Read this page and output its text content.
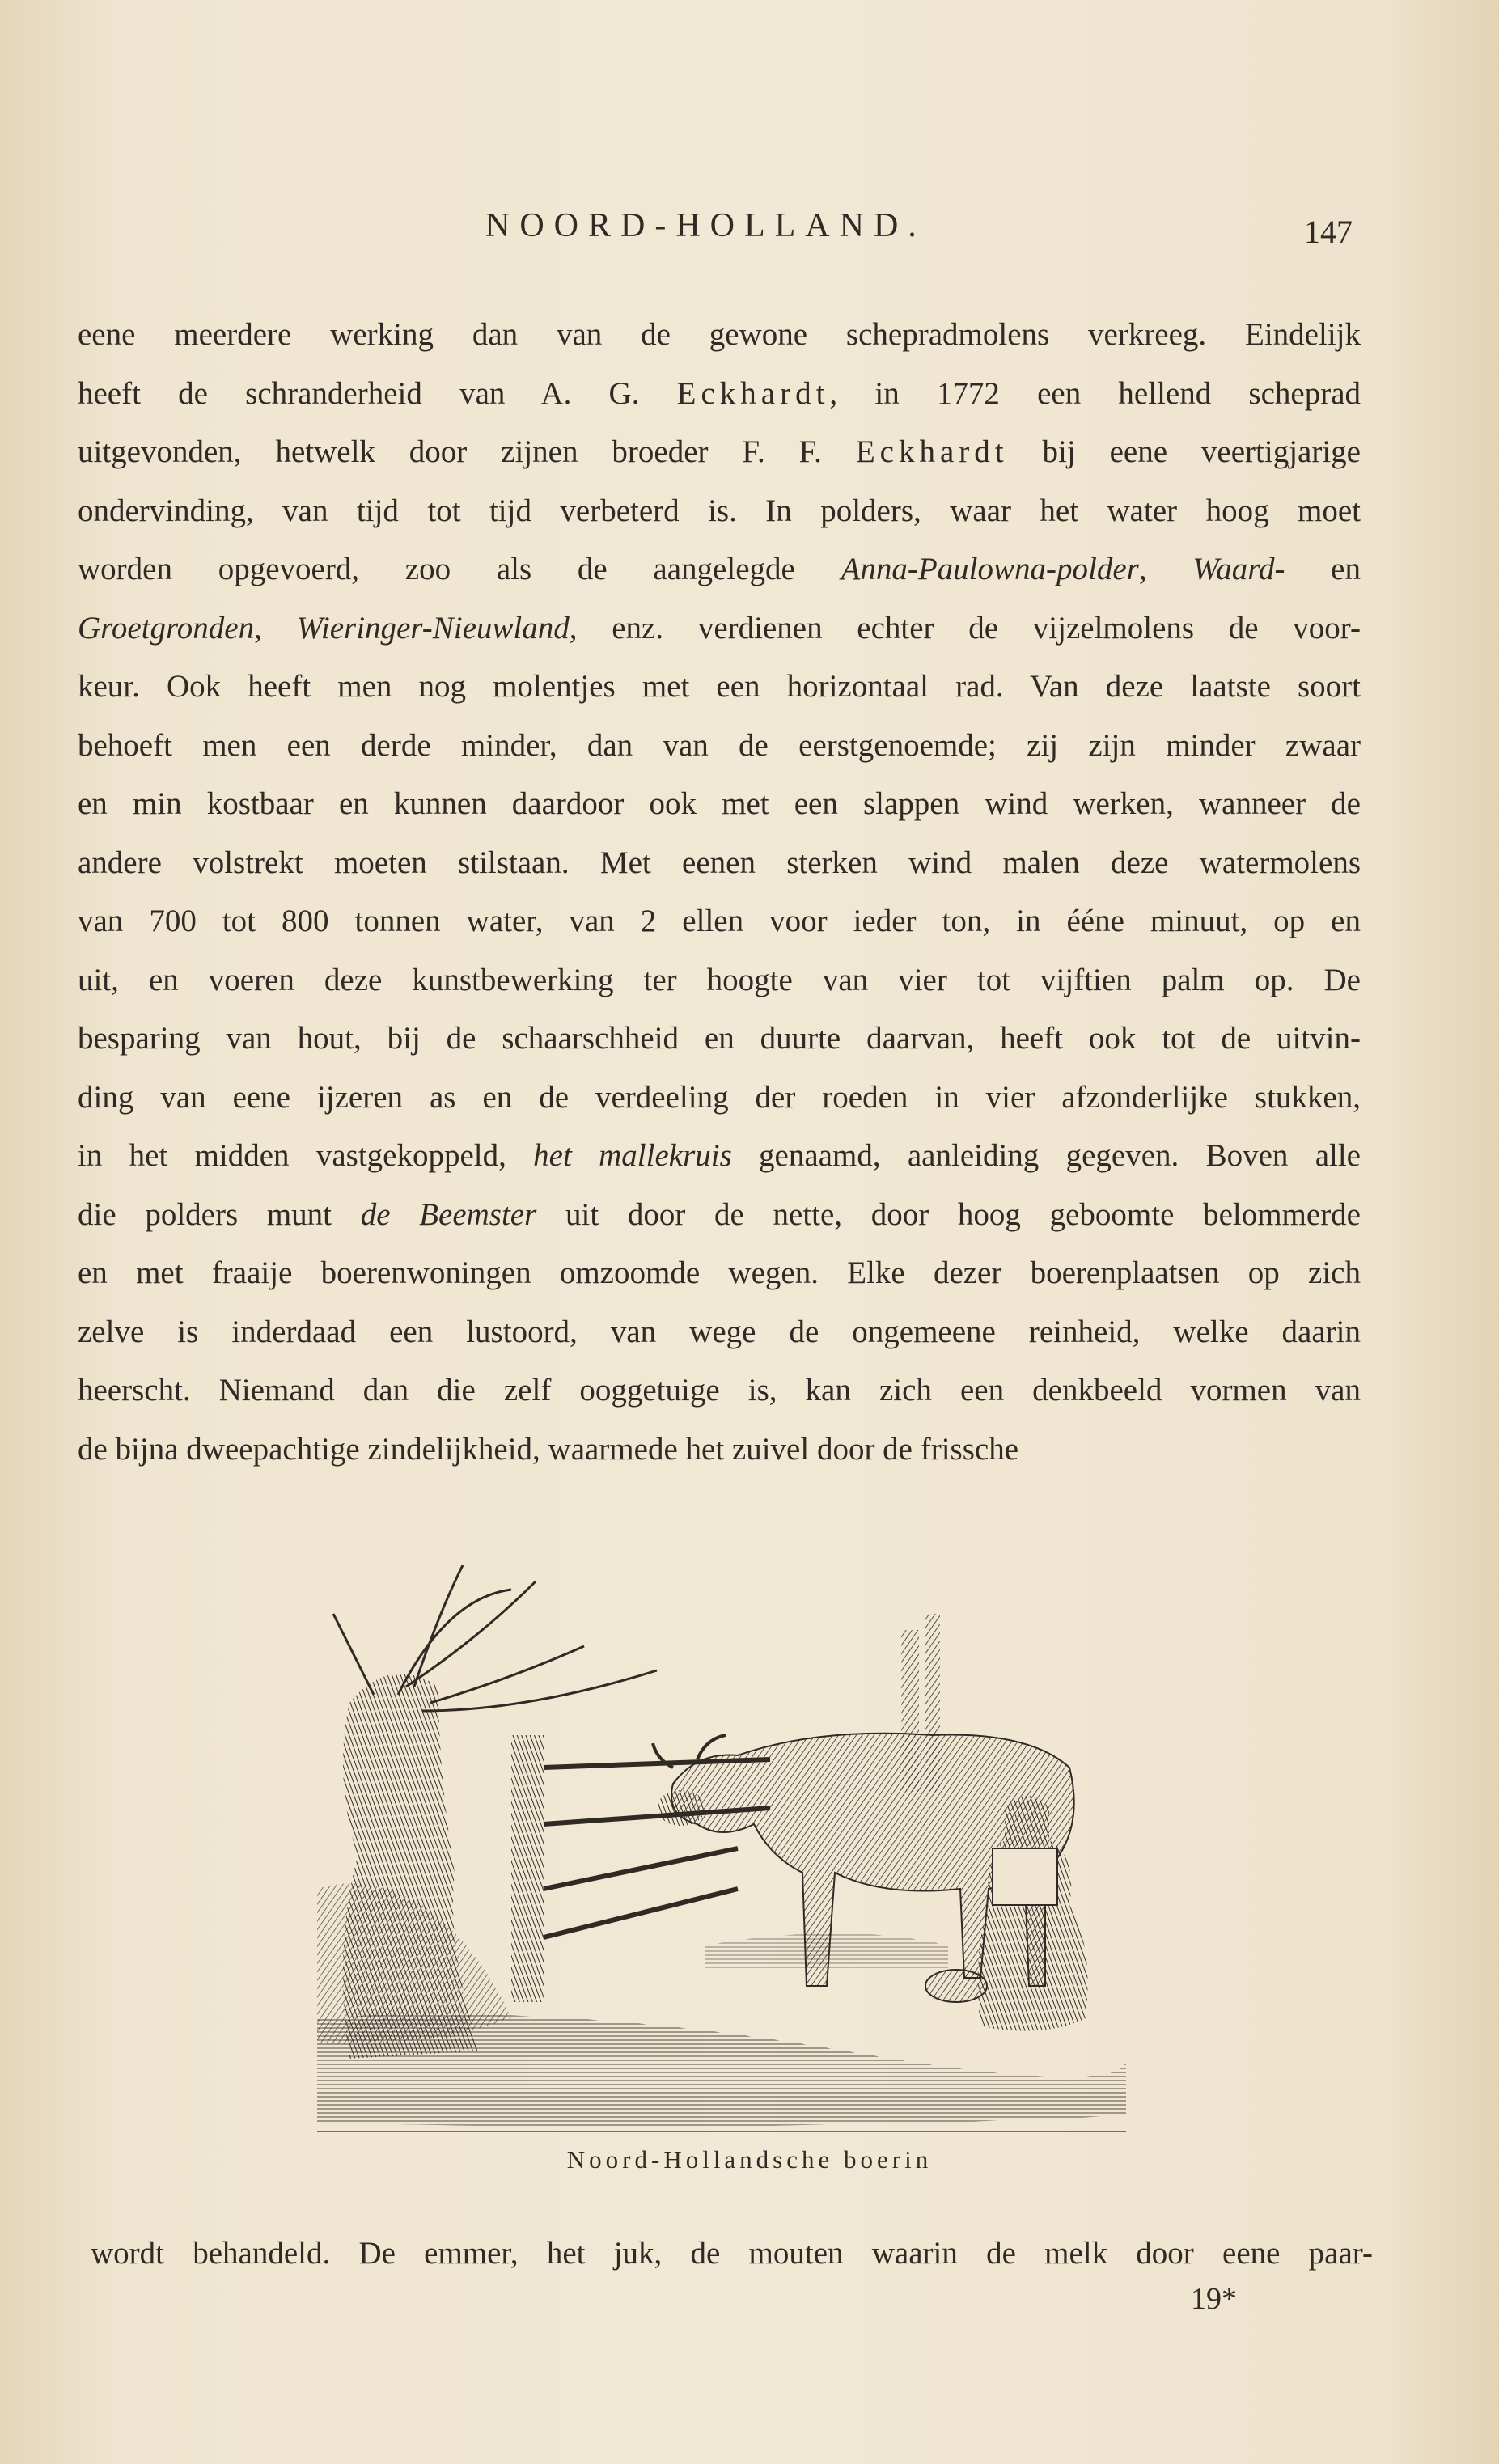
NOORD-HOLLAND.	147
eene meerdere werking dan van de gewone schepradmolens verkreeg. Eindelijk
heeft de schranderheid van A. G. Eckhardt, in 1772 een hellend schеprad
uitgevonden, hetwelk door zijnen broeder F. F. Eckhardt bij eene veertigjarige
ondervinding, van tijd tot tijd verbeterd is. In polders, waar het water hoog moet
worden opgevoerd, zoo als de aangelegde Anna-Paulowna-polder, Waard- en
Groetgronden, Wieringer-Nieuwland, enz. verdienen echter de vijzelmolens de voor-
keur. Ook heeft men nog molentjes met een horizontaal rad. Van deze laatste soort
behoeft men een derde minder, dan van de eerstgenoemde; zij zijn minder zwaar
en min kostbaar en kunnen daardoor ook met een slappen wind werken, wanneer de
andere volstrekt moeten stilstaan. Met eenen sterken wind malen deze watermolens
van 700 tot 800 tonnen water, van 2 ellen voor ieder ton, in ééne minuut, op en
uit, en voeren deze kunstbewerking ter hoogte van vier tot vijftien palm op. De
besparing van hout, bij de schaarschheid en duurte daarvan, heeft ook tot de uitvin-
ding van eene ijzeren as en de verdeeling der roeden in vier afzonderlijke stukken,
in het midden vastgekoppeld, het mallekruis genaamd, aanleiding gegeven. Boven alle
die polders munt de Beemster uit door de nette, door hoog geboomte belommerde
en met fraaije boerenwoningen omzoomde wegen. Elke dezer boerenplaatsen op zich
zelve is inderdaad een lustoord, van wege de ongemeene reinheid, welke daarin
heerscht. Niemand dan die zelf ooggetuige is, kan zich een denkbeeld vormen van
de bijna dweepachtige zindelijkheid, waarmede het zuivel door de frissche
Noord-Hollandsche boerin
wordt behandeld. De emmer, het juk, de mouten waarin de melk door eene paar-
19*
